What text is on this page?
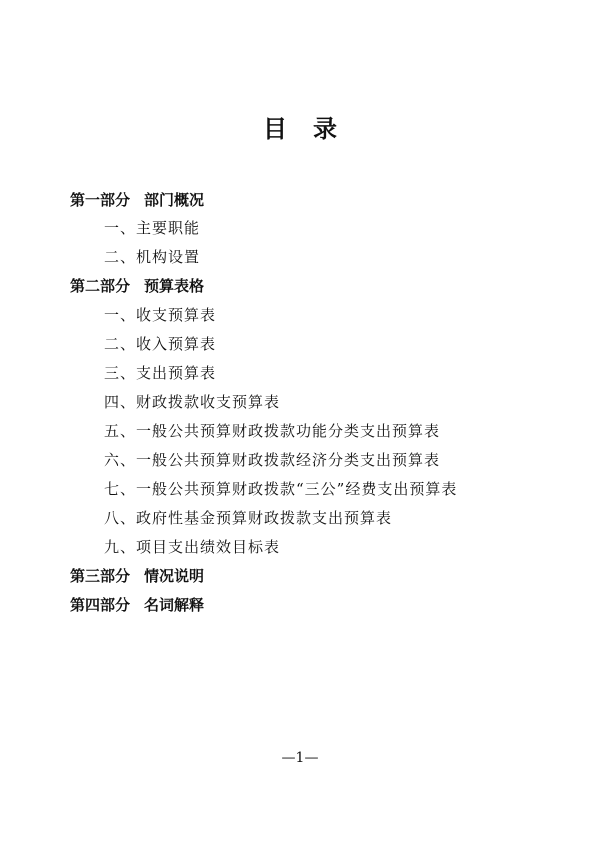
目 录
第一部分 部门概况
一、主要职能
二、机构设置
第二部分 预算表格
一、收支预算表
二、收入预算表
三、支出预算表
四、财政拨款收支预算表
五、一般公共预算财政拨款功能分类支出预算表
六、一般公共预算财政拨款经济分类支出预算表
七、一般公共预算财政拨款“三公”经费支出预算表
八、政府性基金预算财政拨款支出预算表
九、项目支出绩效目标表
第三部分 情况说明
第四部分 名词解释
—1—
